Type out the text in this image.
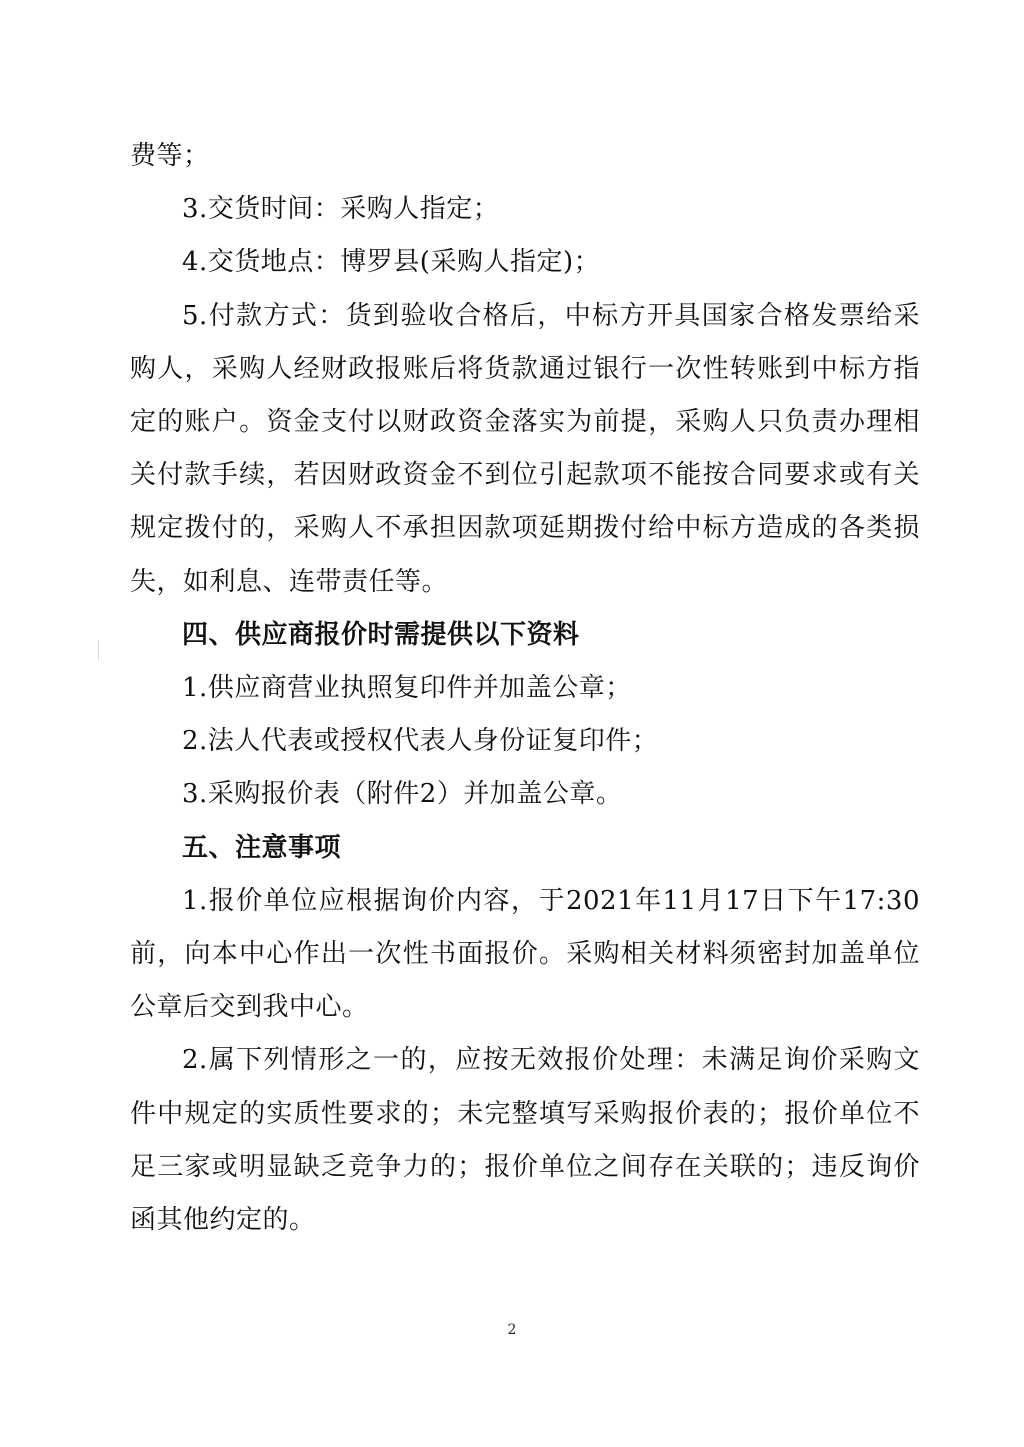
费等；

3.交货时间：采购人指定；

4.交货地点：博罗县(采购人指定)；

5.付款方式：货到验收合格后，中标方开具国家合格发票给采购人，采购人经财政报账后将货款通过银行一次性转账到中标方指定的账户。资金支付以财政资金落实为前提，采购人只负责办理相关付款手续，若因财政资金不到位引起款项不能按合同要求或有关规定拨付的，采购人不承担因款项延期拨付给中标方造成的各类损失，如利息、连带责任等。

四、供应商报价时需提供以下资料

1.供应商营业执照复印件并加盖公章；

2.法人代表或授权代表人身份证复印件；

3.采购报价表（附件2）并加盖公章。

五、注意事项

1.报价单位应根据询价内容，于2021年11月17日下午17:30前，向本中心作出一次性书面报价。采购相关材料须密封加盖单位公章后交到我中心。

2.属下列情形之一的，应按无效报价处理：未满足询价采购文件中规定的实质性要求的；未完整填写采购报价表的；报价单位不足三家或明显缺乏竞争力的；报价单位之间存在关联的；违反询价函其他约定的。

2
